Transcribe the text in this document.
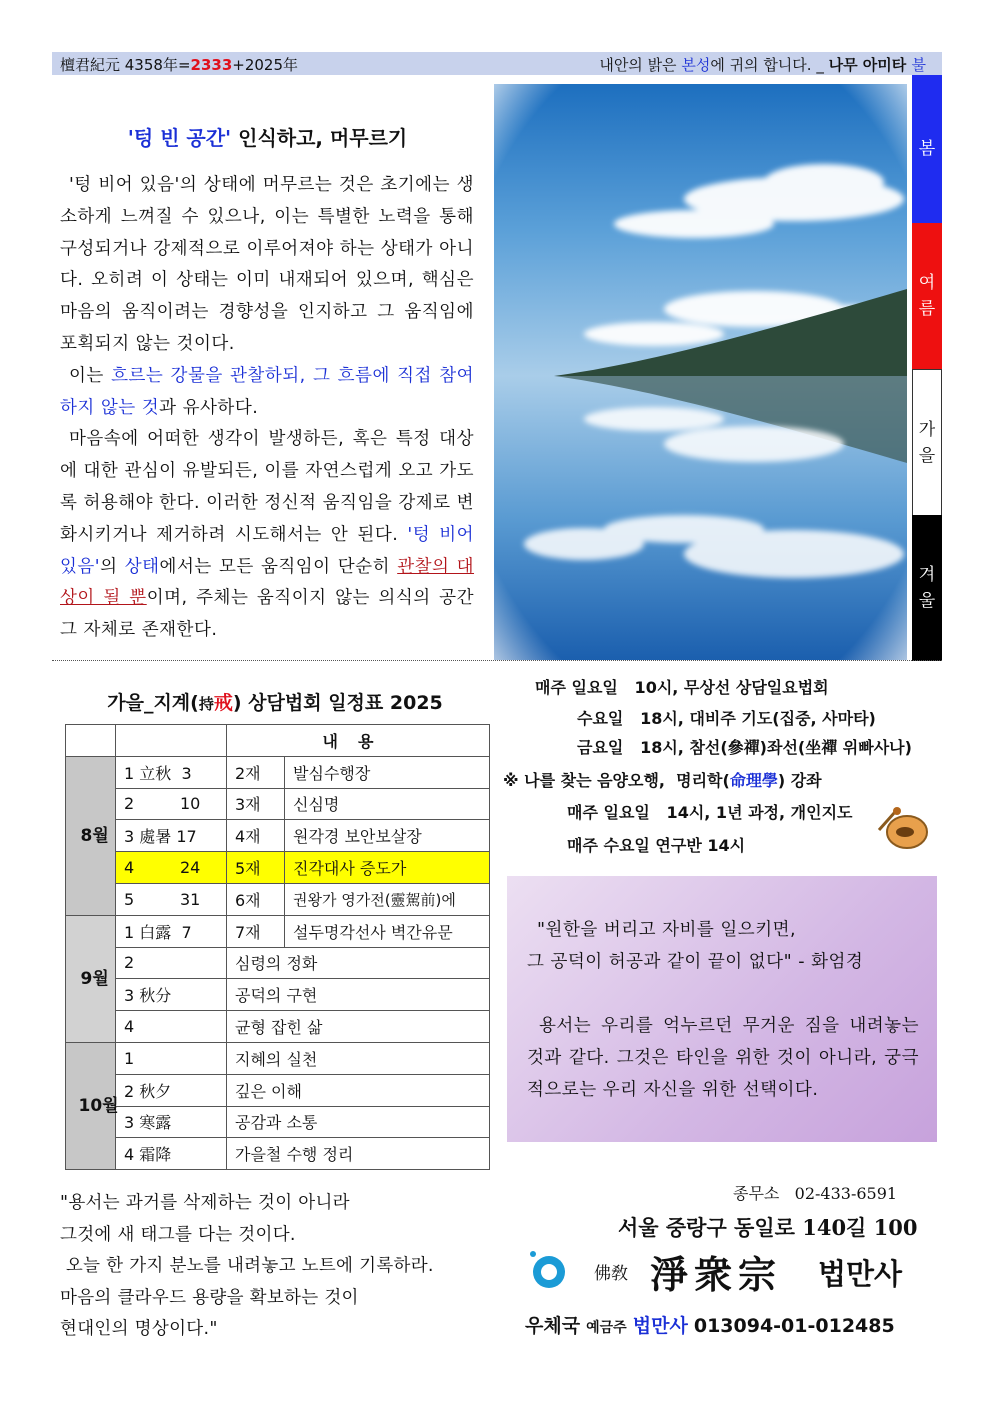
檀君紀元 4358年=2333+2025年	내안의 밝은 본성에 귀의 합니다. _ 나무 아미타 불
'텅 빈 공간' 인식하고, 머무르기

'텅 비어 있음'의 상태에 머무르는 것은 초기에는 생소하게 느껴질 수 있으나, 이는 특별한 노력을 통해 구성되거나 강제적으로 이루어져야 하는 상태가 아니다. 오히려 이 상태는 이미 내재되어 있으며, 핵심은 마음의 움직이려는 경향성을 인지하고 그 움직임에 포획되지 않는 것이다.

이는 흐르는 강물을 관찰하되, 그 흐름에 직접 참여하지 않는 것과 유사하다.

마음속에 어떠한 생각이 발생하든, 혹은 특정 대상에 대한 관심이 유발되든, 이를 자연스럽게 오고 가도록 허용해야 한다. 이러한 정신적 움직임을 강제로 변화시키거나 제거하려 시도해서는 안 된다. '텅 비어 있음'의 상태에서는 모든 움직임이 단순히 관찰의 대상이 될 뿐이며, 주체는 움직이지 않는 의식의 공간 그 자체로 존재한다.

봄
여름
가을
겨울
가을_지계(持戒) 상담법회 일정표 2025
		내용	
8월	1 立秋  3	2재	발심수행장
	2         10	3재	신심명
	3 處暑 17	4재	원각경 보안보살장
	4         24	5재	진각대사 증도가
	5         31	6재	권왕가 영가전(靈駕前)에
9월	1 白露  7	7재	설두명각선사 벽간유문
	2	심령의 정화	
	3 秋分	공덕의 구현	
	4	균형 잡힌 삶	
10월	1	지혜의 실천	
	2 秋夕	깊은 이해	
	3 寒露	공감과 소통	
	4 霜降	가을철 수행 정리	
매주 일요일   10시, 무상선 상담일요법회
수요일   18시, 대비주 기도(집중, 사마타)
금요일   18시, 참선(參禪)좌선(坐禪 위빠사나)
※ 나를 찾는 음양오행,  명리학(命理學) 강좌
매주 일요일   14시, 1년 과정, 개인지도
매주 수요일 연구반 14시

"원한을 버리고 자비를 일으키면,

그 공덕이 허공과 같이 끝이 없다" - 화엄경

용서는 우리를 억누르던 무거운 짐을 내려놓는 것과 같다. 그것은 타인을 위한 것이 아니라, 궁극적으로는 우리 자신을 위한 선택이다.

"용서는 과거를 삭제하는 것이 아니라

그것에 새 태그를 다는 것이다.

오늘 한 가지 분노를 내려놓고 노트에 기록하라.

마음의 클라우드 용량을 확보하는 것이

현대인의 명상이다."

종무소 02-433-6591
서울 중랑구 동일로 140길 100
佛敎 淨衆宗 법만사
우체국 예금주 법만사 013094-01-012485
